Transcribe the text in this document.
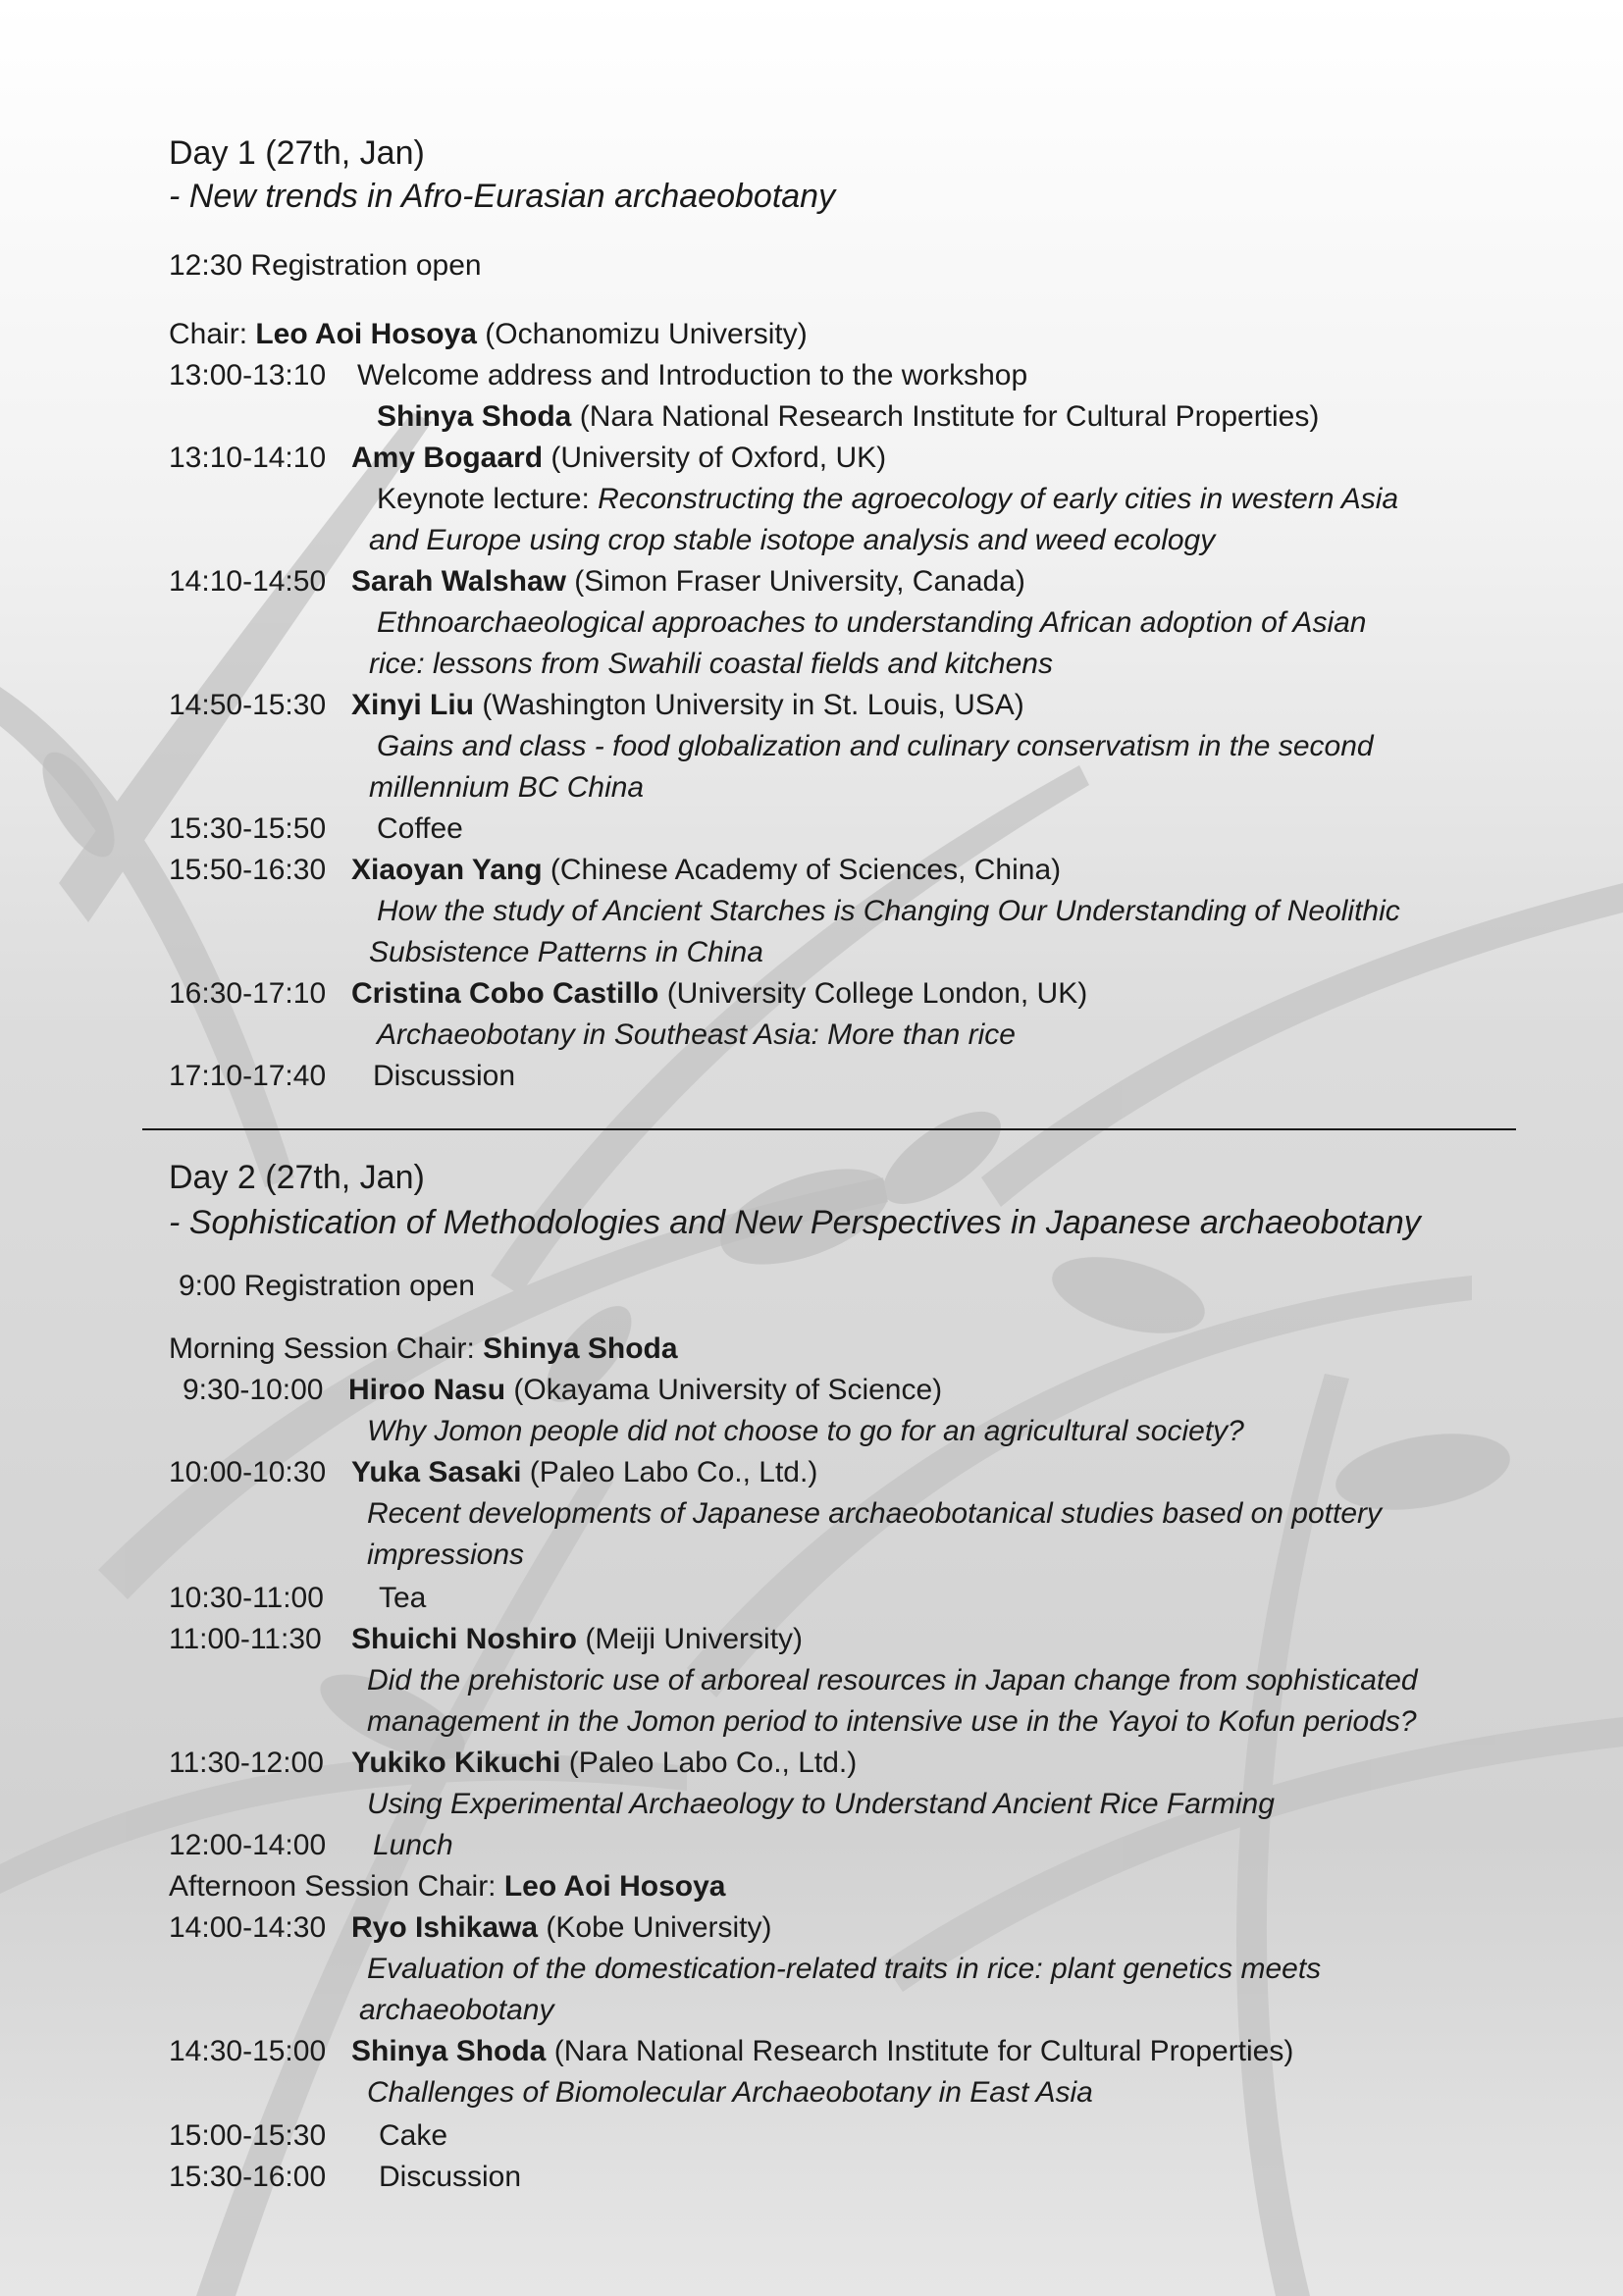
Day 1 (27th, Jan)
- New trends in Afro-Eurasian archaeobotany
12:30 Registration open
Chair: Leo Aoi Hosoya (Ochanomizu University)
13:00-13:10 Welcome address and Introduction to the workshop
Shinya Shoda (Nara National Research Institute for Cultural Properties)
13:10-14:10 Amy Bogaard (University of Oxford, UK)
Keynote lecture: Reconstructing the agroecology of early cities in western Asia
and Europe using crop stable isotope analysis and weed ecology
14:10-14:50 Sarah Walshaw (Simon Fraser University, Canada)
Ethnoarchaeological approaches to understanding African adoption of Asian
rice: lessons from Swahili coastal fields and kitchens
14:50-15:30 Xinyi Liu (Washington University in St. Louis, USA)
Gains and class - food globalization and culinary conservatism in the second
millennium BC China
15:30-15:50 Coffee
15:50-16:30 Xiaoyan Yang (Chinese Academy of Sciences, China)
How the study of Ancient Starches is Changing Our Understanding of Neolithic
Subsistence Patterns in China
16:30-17:10 Cristina Cobo Castillo (University College London, UK)
Archaeobotany in Southeast Asia: More than rice
17:10-17:40 Discussion
Day 2 (27th, Jan)
- Sophistication of Methodologies and New Perspectives in Japanese archaeobotany
9:00 Registration open
Morning Session Chair: Shinya Shoda
9:30-10:00 Hiroo Nasu (Okayama University of Science)
Why Jomon people did not choose to go for an agricultural society?
10:00-10:30 Yuka Sasaki (Paleo Labo Co., Ltd.)
Recent developments of Japanese archaeobotanical studies based on pottery
impressions
10:30-11:00 Tea
11:00-11:30 Shuichi Noshiro (Meiji University)
Did the prehistoric use of arboreal resources in Japan change from sophisticated
management in the Jomon period to intensive use in the Yayoi to Kofun periods?
11:30-12:00 Yukiko Kikuchi (Paleo Labo Co., Ltd.)
Using Experimental Archaeology to Understand Ancient Rice Farming
12:00-14:00 Lunch
Afternoon Session Chair: Leo Aoi Hosoya
14:00-14:30 Ryo Ishikawa (Kobe University)
Evaluation of the domestication-related traits in rice: plant genetics meets
archaeobotany
14:30-15:00 Shinya Shoda (Nara National Research Institute for Cultural Properties)
Challenges of Biomolecular Archaeobotany in East Asia
15:00-15:30 Cake
15:30-16:00 Discussion
